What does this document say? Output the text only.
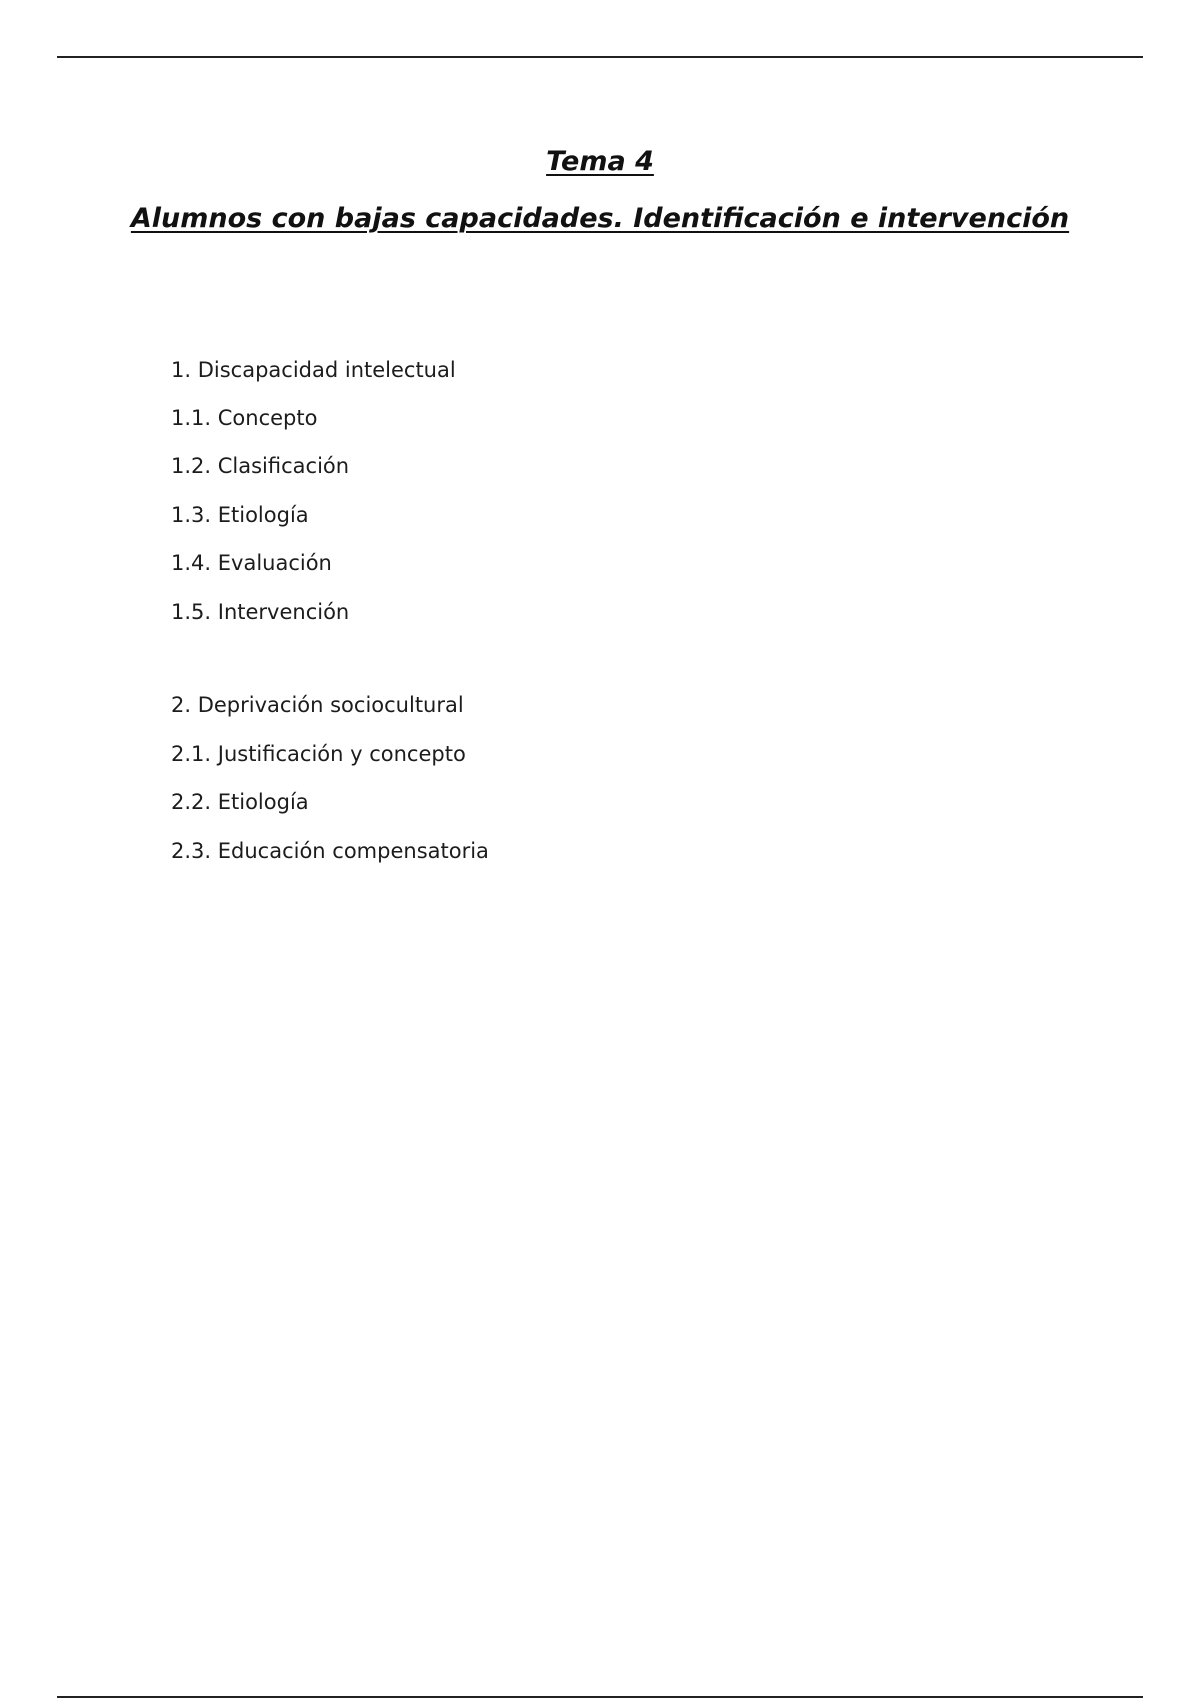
Tema 4
Alumnos con bajas capacidades. Identificación e intervención
1. Discapacidad intelectual
1.1. Concepto
1.2. Clasificación
1.3. Etiología
1.4. Evaluación
1.5. Intervención
2. Deprivación sociocultural
2.1. Justificación y concepto
2.2. Etiología
2.3. Educación compensatoria
